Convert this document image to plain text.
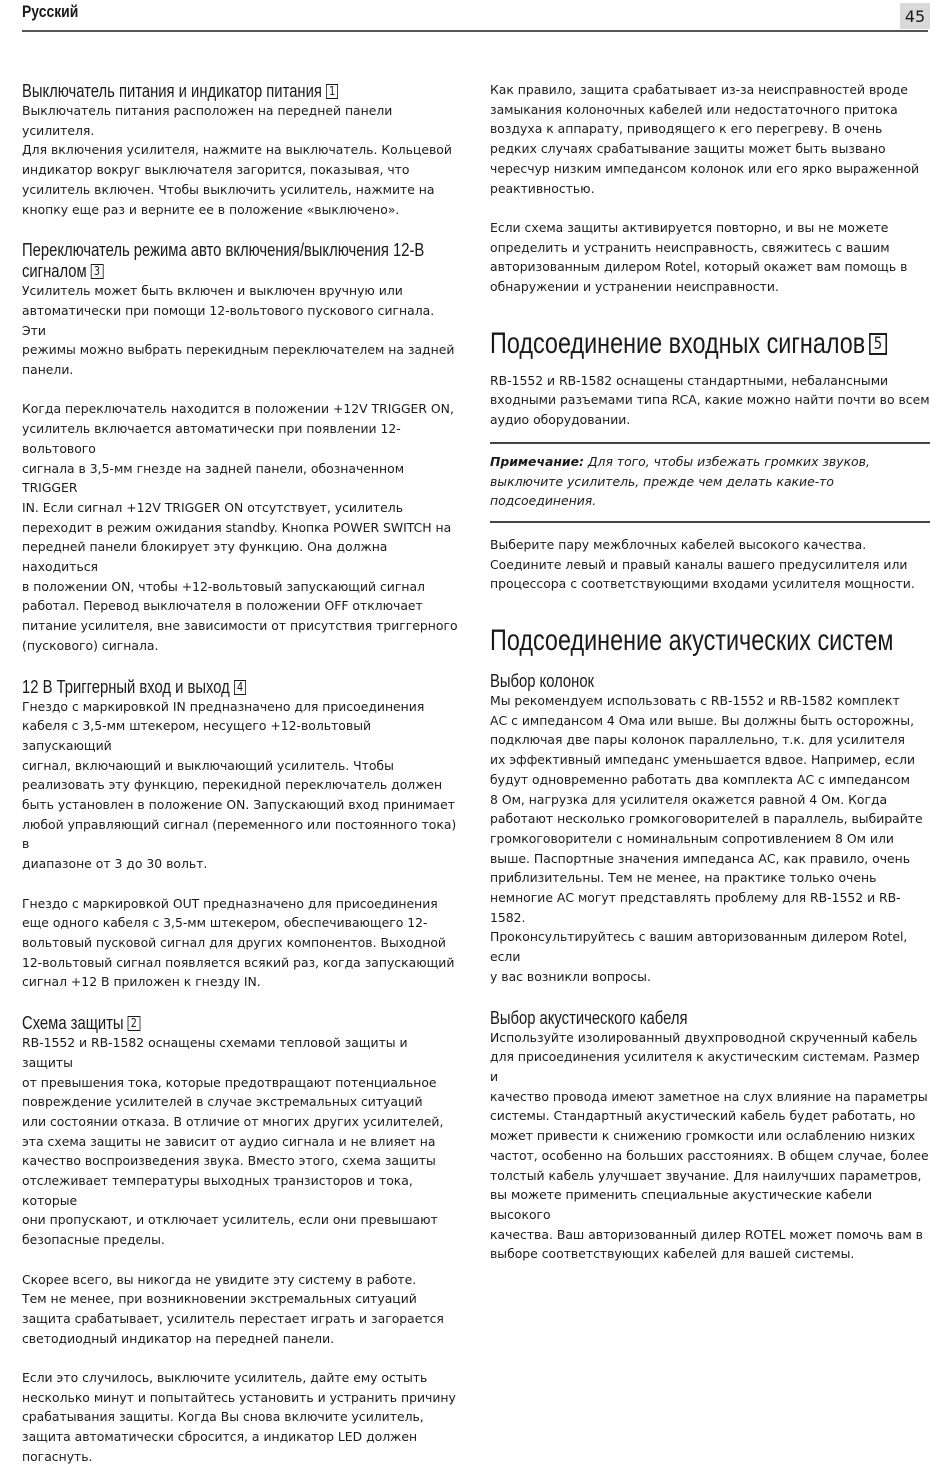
Русский	45
Выключатель питания и индикатор питания 1

Выключатель питания расположен на передней панели усилителя.
Для включения усилителя, нажмите на выключатель. Кольцевой
индикатор вокруг выключателя загорится, показывая, что
усилитель включен. Чтобы выключить усилитель, нажмите на
кнопку еще раз и верните ее в положение «выключено».

Переключатель режима авто включения/выключения 12-В
сигналом 3

Усилитель может быть включен и выключен вручную или
автоматически при помощи 12-вольтового пускового сигнала. Эти
режимы можно выбрать перекидным переключателем на задней
панели.

Когда переключатель находится в положении +12V TRIGGER ON,
усилитель включается автоматически при появлении 12-вольтового
сигнала в 3,5-мм гнезде на задней панели, обозначенном TRIGGER
IN. Если сигнал +12V TRIGGER ON отсутствует, усилитель
переходит в режим ожидания standby. Кнопка POWER SWITCH на
передней панели блокирует эту функцию. Она должна находиться
в положении ON, чтобы +12-вольтовый запускающий сигнал
работал. Перевод выключателя в положении OFF отключает
питание усилителя, вне зависимости от присутствия триггерного
(пускового) сигнала.

12 В Триггерный вход и выход 4

Гнездо с маркировкой IN предназначено для присоединения
кабеля с 3,5-мм штекером, несущего +12-вольтовый запускающий
сигнал, включающий и выключающий усилитель. Чтобы
реализовать эту функцию, перекидной переключатель должен
быть установлен в положение ON. Запускающий вход принимает
любой управляющий сигнал (переменного или постоянного тока) в
диапазоне от 3 до 30 вольт.

Гнездо с маркировкой OUT предназначено для присоединения
еще одного кабеля с 3,5-мм штекером, обеспечивающего 12-
вольтовый пусковой сигнал для других компонентов. Выходной
12-вольтовый сигнал появляется всякий раз, когда запускающий
сигнал +12 В приложен к гнезду IN.

Схема защиты 2

RB-1552 и RB-1582 оснащены схемами тепловой защиты и защиты
от превышения тока, которые предотвращают потенциальное
повреждение усилителей в случае экстремальных ситуаций
или состоянии отказа. В отличие от многих других усилителей,
эта схема защиты не зависит от аудио сигнала и не влияет на
качество воспроизведения звука. Вместо этого, схема защиты
отслеживает температуры выходных транзисторов и тока, которые
они пропускают, и отключает усилитель, если они превышают
безопасные пределы.

Скорее всего, вы никогда не увидите эту систему в работе.
Тем не менее, при возникновении экстремальных ситуаций
защита срабатывает, усилитель перестает играть и загорается
светодиодный индикатор на передней панели.

Если это случилось, выключите усилитель, дайте ему остыть
несколько минут и попытайтесь установить и устранить причину
срабатывания защиты. Когда Вы снова включите усилитель,
защита автоматически сбросится, а индикатор LED должен
погаснуть.

Как правило, защита срабатывает из-за неисправностей вроде
замыкания колоночных кабелей или недостаточного притока
воздуха к аппарату, приводящего к его перегреву. В очень
редких случаях срабатывание защиты может быть вызвано
чересчур низким импедансом колонок или его ярко выраженной
реактивностью.

Если схема защиты активируется повторно, и вы не можете
определить и устранить неисправность, свяжитесь с вашим
авторизованным дилером Rotel, который окажет вам помощь в
обнаружении и устранении неисправности.

Подсоединение входных сигналов 5

RB-1552 и RB-1582 оснащены стандартными, небалансными
входными разъемами типа RCA, какие можно найти почти во всем
аудио оборудовании.

Примечание: Для того, чтобы избежать громких звуков,
выключите усилитель, прежде чем делать какие-то
подсоединения.

Выберите пару межблочных кабелей высокого качества.
Соедините левый и правый каналы вашего предусилителя или
процессора с соответствующими входами усилителя мощности.

Подсоединение акустических систем
Выбор колонок

Мы рекомендуем использовать с RB-1552 и RB-1582 комплект
АС с импедансом 4 Ома или выше. Вы должны быть осторожны,
подключая две пары колонок параллельно, т.к. для усилителя
их эффективный импеданс уменьшается вдвое. Например, если
будут одновременно работать два комплекта АС с импедансом
8 Ом, нагрузка для усилителя окажется равной 4 Ом. Когда
работают несколько громкоговорителей в параллель, выбирайте
громкоговорители с номинальным сопротивлением 8 Ом или
выше. Паспортные значения импеданса АС, как правило, очень
приблизительны. Тем не менее, на практике только очень
немногие АС могут представлять проблему для RB-1552 и RB-1582.
Проконсультируйтесь с вашим авторизованным дилером Rotel, если
у вас возникли вопросы.

Выбор акустического кабеля

Используйте изолированный двухпроводной скрученный кабель
для присоединения усилителя к акустическим системам. Размер и
качество провода имеют заметное на слух влияние на параметры
системы. Стандартный акустический кабель будет работать, но
может привести к снижению громкости или ослаблению низких
частот, особенно на больших расстояниях. В общем случае, более
толстый кабель улучшает звучание. Для наилучших параметров,
вы можете применить специальные акустические кабели высокого
качества. Ваш авторизованный дилер ROTEL может помочь вам в
выборе соответствующих кабелей для вашей системы.
